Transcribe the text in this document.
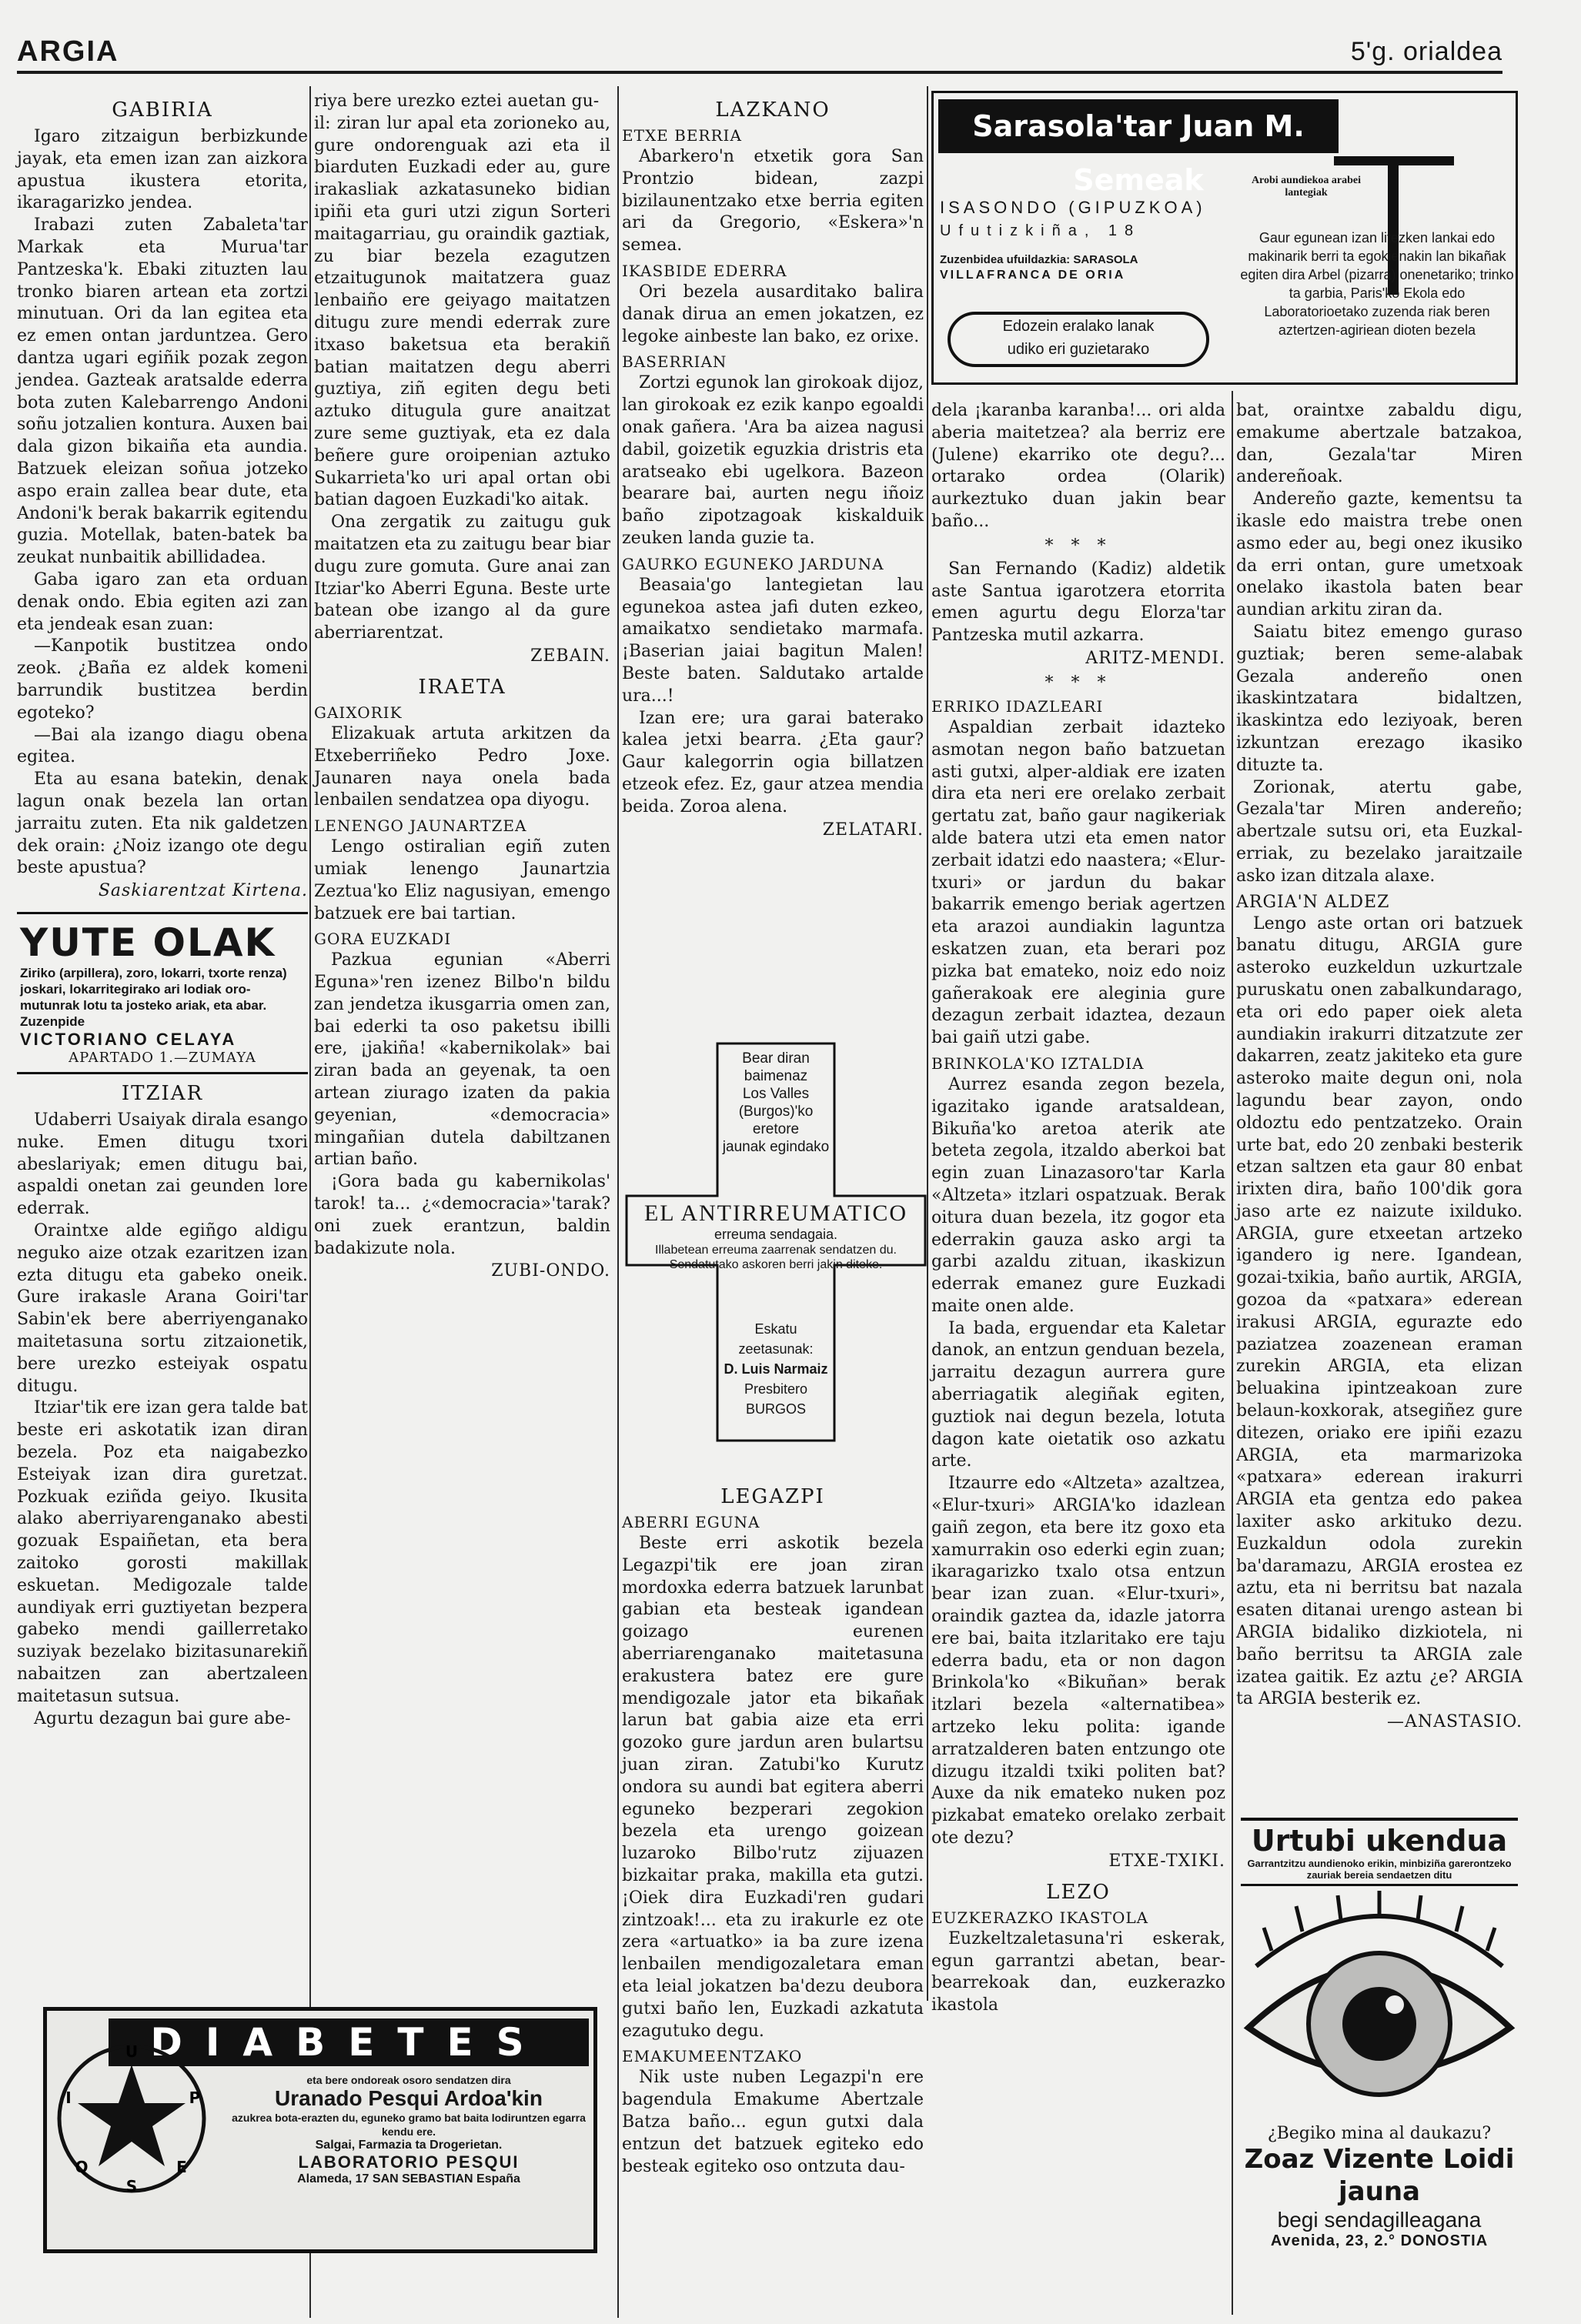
ARGIA	5'g. orialdea
GABIRIA

Igaro zitzaigun berbizkunde jayak, eta emen izan zan aizkora apustua ikustera etorita, ikaragarizko jendea.

Irabazi zuten Zabaleta'tar Markak eta Murua'tar Pantzeska'k. Ebaki zituzten lau tronko biaren artean eta zortzi minutuan. Ori da lan egitea eta ez emen ontan jarduntzea. Gero dantza ugari egiñik pozak zegon jendea. Gazteak aratsalde ederra bota zuten Kalebarrengo Andoni soñu jotzalien kontura. Auxen bai dala gizon bikaiña eta aundia. Batzuek eleizan soñua jotzeko aspo erain zallea bear dute, eta Andoni'k berak bakarrik egitendu guzia. Motellak, baten-batek ba zeukat nunbaitik abillidadea.

Gaba igaro zan eta orduan denak ondo. Ebia egiten azi zan eta jendeak esan zuan:

—Kanpotik bustitzea ondo zeok. ¿Baña ez aldek komeni barrundik bustitzea berdin egoteko?

—Bai ala izango diagu obena egitea.

Eta au esana batekin, denak lagun onak bezela lan ortan jarraitu zuten. Eta nik galdetzen dek orain: ¿Noiz izango ote degu beste apustua?

Saskiarentzat Kirtena.
YUTE OLAK
Ziriko (arpillera), zoro, lokarri, txorte renza) joskari, lokarritegirako ari lodiak oro-mutunrak lotu ta josteko ariak, eta abar. Zuzenpide
VICTORIANO CELAYA
APARTADO 1.—ZUMAYA
ITZIAR

Udaberri Usaiyak dirala esango nuke. Emen ditugu txori abeslariyak; emen ditugu bai, aspaldi onetan zai geunden lore ederrak.

Oraintxe alde egiñgo aldigu neguko aize otzak ezaritzen izan ezta ditugu eta gabeko oneik. Gure irakasle Arana Goiri'tar Sabin'ek bere aberriyenganako maitetasuna sortu zitzaionetik, bere urezko esteiyak ospatu ditugu.

Itziar'tik ere izan gera talde bat beste eri askotatik izan diran bezela. Poz eta naigabezko Esteiyak izan dira guretzat. Pozkuak eziñda geiyo. Ikusita alako aberriyarenganako abesti gozuak Espaiñetan, eta bera zaitoko gorosti makillak eskuetan. Medigozale talde aundiyak erri guztiyetan bezpera gabeko mendi gaillerretako suziyak bezelako bizitasunarekiñ nabaitzen zan abertzaleen maitetasun sutsua.

Agurtu dezagun bai gure abe-

riya bere urezko eztei auetan gu-

il: ziran lur apal eta zorioneko au, gure ondorenguak azi eta il biarduten Euzkadi eder au, gure irakasliak azkatasuneko bidian ipiñi eta guri utzi zigun Sorteri maitagarriau, gu oraindik gaztiak, zu biar bezela ezagutzen etzaitugunok maitatzera guaz lenbaiño ere geiyago maitatzen ditugu zure mendi ederrak zure itxaso baketsua eta berakiñ batian maitatzen degu aberri guztiya, ziñ egiten degu beti aztuko ditugula gure anaitzat zure seme guztiyak, eta ez dala beñere gure oroipenian aztuko Sukarrieta'ko uri apal ortan obi batian dagoen Euzkadi'ko aitak.

Ona zergatik zu zaitugu guk maitatzen eta zu zaitugu bear biar dugu zure gomuta. Gure anai zan Itziar'ko Aberri Eguna. Beste urte batean obe izango al da gure aberriarentzat.

ZEBAIN.
IRAETA
GAIXORIK

Elizakuak artuta arkitzen da Etxeberriñeko Pedro Joxe. Jaunaren naya onela bada lenbailen sendatzea opa diyogu.

LENENGO JAUNARTZEA

Lengo ostiralian egiñ zuten umiak lenengo Jaunartzia Zeztua'ko Eliz nagusiyan, emengo batzuek ere bai tartian.

GORA EUZKADI

Pazkua egunian «Aberri Eguna»'ren izenez Bilbo'n bildu zan jendetza ikusgarria omen zan, bai ederki ta oso paketsu ibilli ere, ¡jakiña! «kabernikolak» bai ziran bada an geyenak, ta oen artean ziurago izaten da pakia geyenian, «democracia» mingañian dutela dabiltzanen artian baño.

¡Gora bada gu kabernikolas' tarok! ta... ¿«democracia»'tarak? oni zuek erantzun, baldin badakizute nola.

ZUBI-ONDO.
LAZKANO
ETXE BERRIA

Abarkero'n etxetik gora San Prontzio bidean, zazpi bizilaunentzako etxe berria egiten ari da Gregorio, «Eskera»'n semea.

IKASBIDE EDERRA

Ori bezela ausarditako balira danak dirua an emen jokatzen, ez legoke ainbeste lan bako, ez orixe.

BASERRIAN

Zortzi egunok lan girokoak dijoz, lan girokoak ez ezik kanpo egoaldi onak gañera. 'Ara ba aizea nagusi dabil, goizetik eguzkia dristris eta aratseako ebi ugelkora. Bazeon bearare bai, aurten negu iñoiz baño zipotzagoak kiskalduik zeuken landa guzie ta.

GAURKO EGUNEKO JARDUNA

Beasaia'go lantegietan lau egunekoa astea jafi duten ezkeo, amaikatxo sendietako marmafa. ¡Baserian jaiai bagitun Malen! Beste baten. Saldutako artalde ura...!

Izan ere; ura garai baterako kalea jetxi bearra. ¿Eta gaur? Gaur kalegorrin ogia billatzen etzeok efez. Ez, gaur atzea mendia beida. Zoroa alena.

ZELATARI.
Bear diran baimenaz
Los Valles
(Burgos)'ko eretore
jaunak egindako
EL ANTIRREUMATICO
erreuma sendagaia.
Illabetean erreuma zaarrenak sendatzen du. Sendatutako askoren berri jakin diteke.
Eskatu zeetasunak:
D. Luis Narmaiz
Presbitero
BURGOS
LEGAZPI
ABERRI EGUNA

Beste erri askotik bezela Legazpi'tik ere joan ziran mordoxka ederra batzuek larunbat gabian eta besteak igandean goizago eurenen aberriarenganako maitetasuna erakustera batez ere gure mendigozale jator eta bikañak larun bat gabia aize eta erri gozoko gure jardun aren bulartsu juan ziran. Zatubi'ko Kurutz ondora su aundi bat egitera aberri eguneko bezperari zegokion bezela eta urengo goizean luzaroko Bilbo'rutz zijuazen bizkaitar praka, makilla eta gutzi. ¡Oiek dira Euzkadi'ren gudari zintzoak!... eta zu irakurle ez ote zera «artuatko» ia ba zure izena lenbailen mendigozaletara eman eta leial jokatzen ba'dezu deubora gutxi baño len, Euzkadi azkatuta ezagutuko degu.

EMAKUMEENTZAKO

Nik uste nuben Legazpi'n ere bagendula Emakume Abertzale Batza baño... egun gutxi dala entzun det batzuek egiteko edo besteak egiteko oso ontzuta dau-

Sarasola'tar Juan M. Semeak
ISASONDO (GIPUZKOA)
Ufutizkiña, 18
Zuzenbidea ufuildazkia: SARASOLA
VILLAFRANCA DE ORIA
Edozein eralako lanak
udiko eri guzietarako
Arobi aundiekoa arabei lantegiak
Gaur egunean izan litezken lankai edo makinarik berri ta egokienakin lan bikañak egiten dira Arbel (pizarra) onenetariko; trinko ta garbia, Paris'ko Ekola edo Laboratorioetako zuzenda riak beren aztertzen-agiriean dioten bezela

dela ¡karanba karanba!... ori alda aberia maitetzea? ala berriz ere (Julene) ekarriko ote degu?... ortarako ordea (Olarik) aurkeztuko duan jakin bear baño...

* * *

San Fernando (Kadiz) aldetik aste Santua igarotzera etorrita emen agurtu degu Elorza'tar Pantzeska mutil azkarra.

ARITZ-MENDI.
* * *
ERRIKO IDAZLEARI

Aspaldian zerbait idazteko asmotan negon baño batzuetan asti gutxi, alper-aldiak ere izaten dira eta neri ere orelako zerbait gertatu zat, baño gaur nagikeriak alde batera utzi eta emen nator zerbait idatzi edo naastera; «Elur-txuri» or jardun du bakar bakarrik emengo beriak agertzen eta arazoi aundiakin laguntza eskatzen zuan, eta berari poz pizka bat emateko, noiz edo noiz gañerakoak ere aleginia gure dezagun zerbait idaztea, dezaun bai gaiñ utzi gabe.

BRINKOLA'KO IZTALDIA

Aurrez esanda zegon bezela, igazitako igande aratsaldean, Bikuña'ko aretoa aterik ate beteta zegola, itzaldo aberkoi bat egin zuan Linazasoro'tar Karla «Altzeta» itzlari ospatzuak. Berak oitura duan bezela, itz gogor eta ederrakin gauza asko argi ta garbi azaldu zituan, ikaskizun ederrak emanez gure Euzkadi maite onen alde.

Ia bada, erguendar eta Kaletar danok, an entzun genduan bezela, jarraitu dezagun aurrera gure aberriagatik alegiñak egiten, guztiok nai degun bezela, lotuta dagon kate oietatik oso azkatu arte.

Itzaurre edo «Altzeta» azaltzea, «Elur-txuri» ARGIA'ko idazlean gaiñ zegon, eta bere itz goxo eta xamurrakin oso ederki egin zuan; ikaragarizko txalo otsa entzun bear izan zuan. «Elur-txuri», oraindik gaztea da, idazle jatorra ere bai, baita itzlaritako ere taju ederra badu, eta or non dagon Brinkola'ko «Bikuñan» berak itzlari bezela «alternatibea» artzeko leku polita: igande arratzalderen baten entzungo ote dizugu itzaldi txiki politen bat? Auxe da nik emateko nuken poz pizkabat emateko orelako zerbait ote dezu?

ETXE-TXIKI.
LEZO
EUZKERAZKO IKASTOLA

Euzkeltzaletasuna'ri eskerak, egun garrantzi abetan, bear-bearrekoak dan, euzkerazko ikastola

bat, oraintxe zabaldu digu, emakume abertzale batzakoa, dan, Gezala'tar Miren andereñoak.

Andereño gazte, kementsu ta ikasle edo maistra trebe onen asmo eder au, begi onez ikusiko da erri ontan, gure umetxoak onelako ikastola baten bear aundian arkitu ziran da.

Saiatu bitez emengo guraso guztiak; beren seme-alabak Gezala andereño onen ikaskintzatara bidaltzen, ikaskintza edo leziyoak, beren izkuntzan erezago ikasiko dituzte ta.

Zorionak, atertu gabe, Gezala'tar Miren andereño; abertzale sutsu ori, eta Euzkal-erriak, zu bezelako jaraitzaile asko izan ditzala alaxe.

ARGIA'N ALDEZ

Lengo aste ortan ori batzuek banatu ditugu, ARGIA gure asteroko euzkeldun uzkurtzale puruskatu onen zabalkundarago, eta ori edo paper oiek aleta aundiakin irakurri ditzatzute zer dakarren, zeatz jakiteko eta gure asteroko maite degun oni, nola lagundu bear zayon, ondo oldoztu edo pentzatzeko. Orain urte bat, edo 20 zenbaki besterik etzan saltzen eta gaur 80 enbat irixten dira, baño 100'dik gora jaso arte ez naizute ixilduko. ARGIA, gure etxeetan artzeko igandero ig nere. Igandean, gozai-txikia, baño aurtik, ARGIA, gozoa da «patxara» ederean irakusi ARGIA, egurazte edo paziatzea zoazenean eraman zurekin ARGIA, eta elizan beluakina ipintzeakoan zure belaun-koxkorak, atsegiñez gure ditezen, oriako ere ipiñi ezazu ARGIA, eta marmarizoka «patxara» ederean irakurri ARGIA eta gentza edo pakea laxiter asko arkituko dezu. Euzkaldun odola zurekin ba'daramazu, ARGIA erostea ez aztu, eta ni berritsu bat nazala esaten ditanai urengo astean bi ARGIA bidaliko dizkiotela, ni baño berritsu ta ARGIA zale izatea gaitik. Ez aztu ¿e? ARGIA ta ARGIA besterik ez.

—ANASTASIO.
Urtubi ukendua
Garrantzitzu aundienoko erikin, minbiziña garerontzeko zauriak bereia sendaetzen ditu
¿Begiko mina al daukazu?
Zoaz Vizente Loidi jauna
begi sendagilleagana
Avenida, 23, 2.° DONOSTIA
DIABETES
U
P
E
S
Q
I
eta bere ondoreak osoro sendatzen dira
Uranado Pesqui Ardoa'kin
azukrea bota-erazten du, eguneko gramo bat baita lodiruntzen egarra kendu ere.
Salgai, Farmazia ta Drogerietan.
LABORATORIO PESQUI
Alameda, 17 SAN SEBASTIAN España
